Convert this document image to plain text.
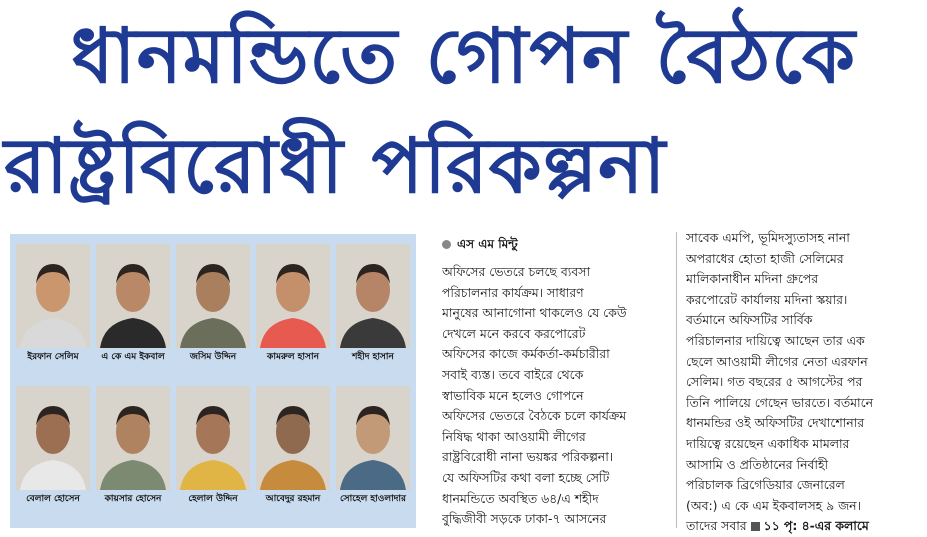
ধানমন্ডিতে গোপন বৈঠকে
রাষ্ট্রবিরোধী পরিকল্পনা
ইরফান সেলিম	এ কে এম ইকবাল	জসিম উদ্দিন	কামরুল হাসান	শহীদ হাসান
বেলাল হোসেন	কায়সার হোসেন	হেলাল উদ্দিন	আবেদুর রহমান	সোহেল হাওলাদার
এস এম মিন্টু
অফিসের ভেতরে চলছে ব্যবসা
পরিচালনার কার্যক্রম। সাধারণ
মানুষের আনাগোনা থাকলেও যে কেউ
দেখলে মনে করবে করপোরেট
অফিসের কাজে কর্মকর্তা-কর্মচারীরা
সবাই ব্যস্ত। তবে বাইরে থেকে
স্বাভাবিক মনে হলেও গোপনে
অফিসের ভেতরে বৈঠকে চলে কার্যক্রম
নিষিদ্ধ থাকা আওয়ামী লীগের
রাষ্ট্রবিরোধী নানা ভয়ঙ্কর পরিকল্পনা।
যে অফিসটির কথা বলা হচ্ছে সেটি
ধানমন্ডিতে অবস্থিত ৬৪/এ শহীদ
বুদ্ধিজীবী সড়কে ঢাকা-৭ আসনের
সাবেক এমপি, ভূমিদস্যুতাসহ নানা
অপরাধের হোতা হাজী সেলিমের
মালিকানাধীন মদিনা গ্রুপের
করপোরেট কার্যালয় মদিনা স্কয়ার।
বর্তমানে অফিসটির সার্বিক
পরিচালনার দায়িত্বে আছেন তার এক
ছেলে আওয়ামী লীগের নেতা এরফান
সেলিম। গত বছরের ৫ আগস্টের পর
তিনি পালিয়ে গেছেন ভারতে। বর্তমানে
ধানমন্ডির ওই অফিসটির দেখাশোনার
দায়িত্বে রয়েছেন একাধিক মামলার
আসামি ও প্রতিষ্ঠানের নির্বাহী
পরিচালক ব্রিগেডিয়ার জেনারেল
(অব:) এ কে এম ইকবালসহ ৯ জন।
তাদের সবার ১১ পৃ: ৪-এর কলামে
